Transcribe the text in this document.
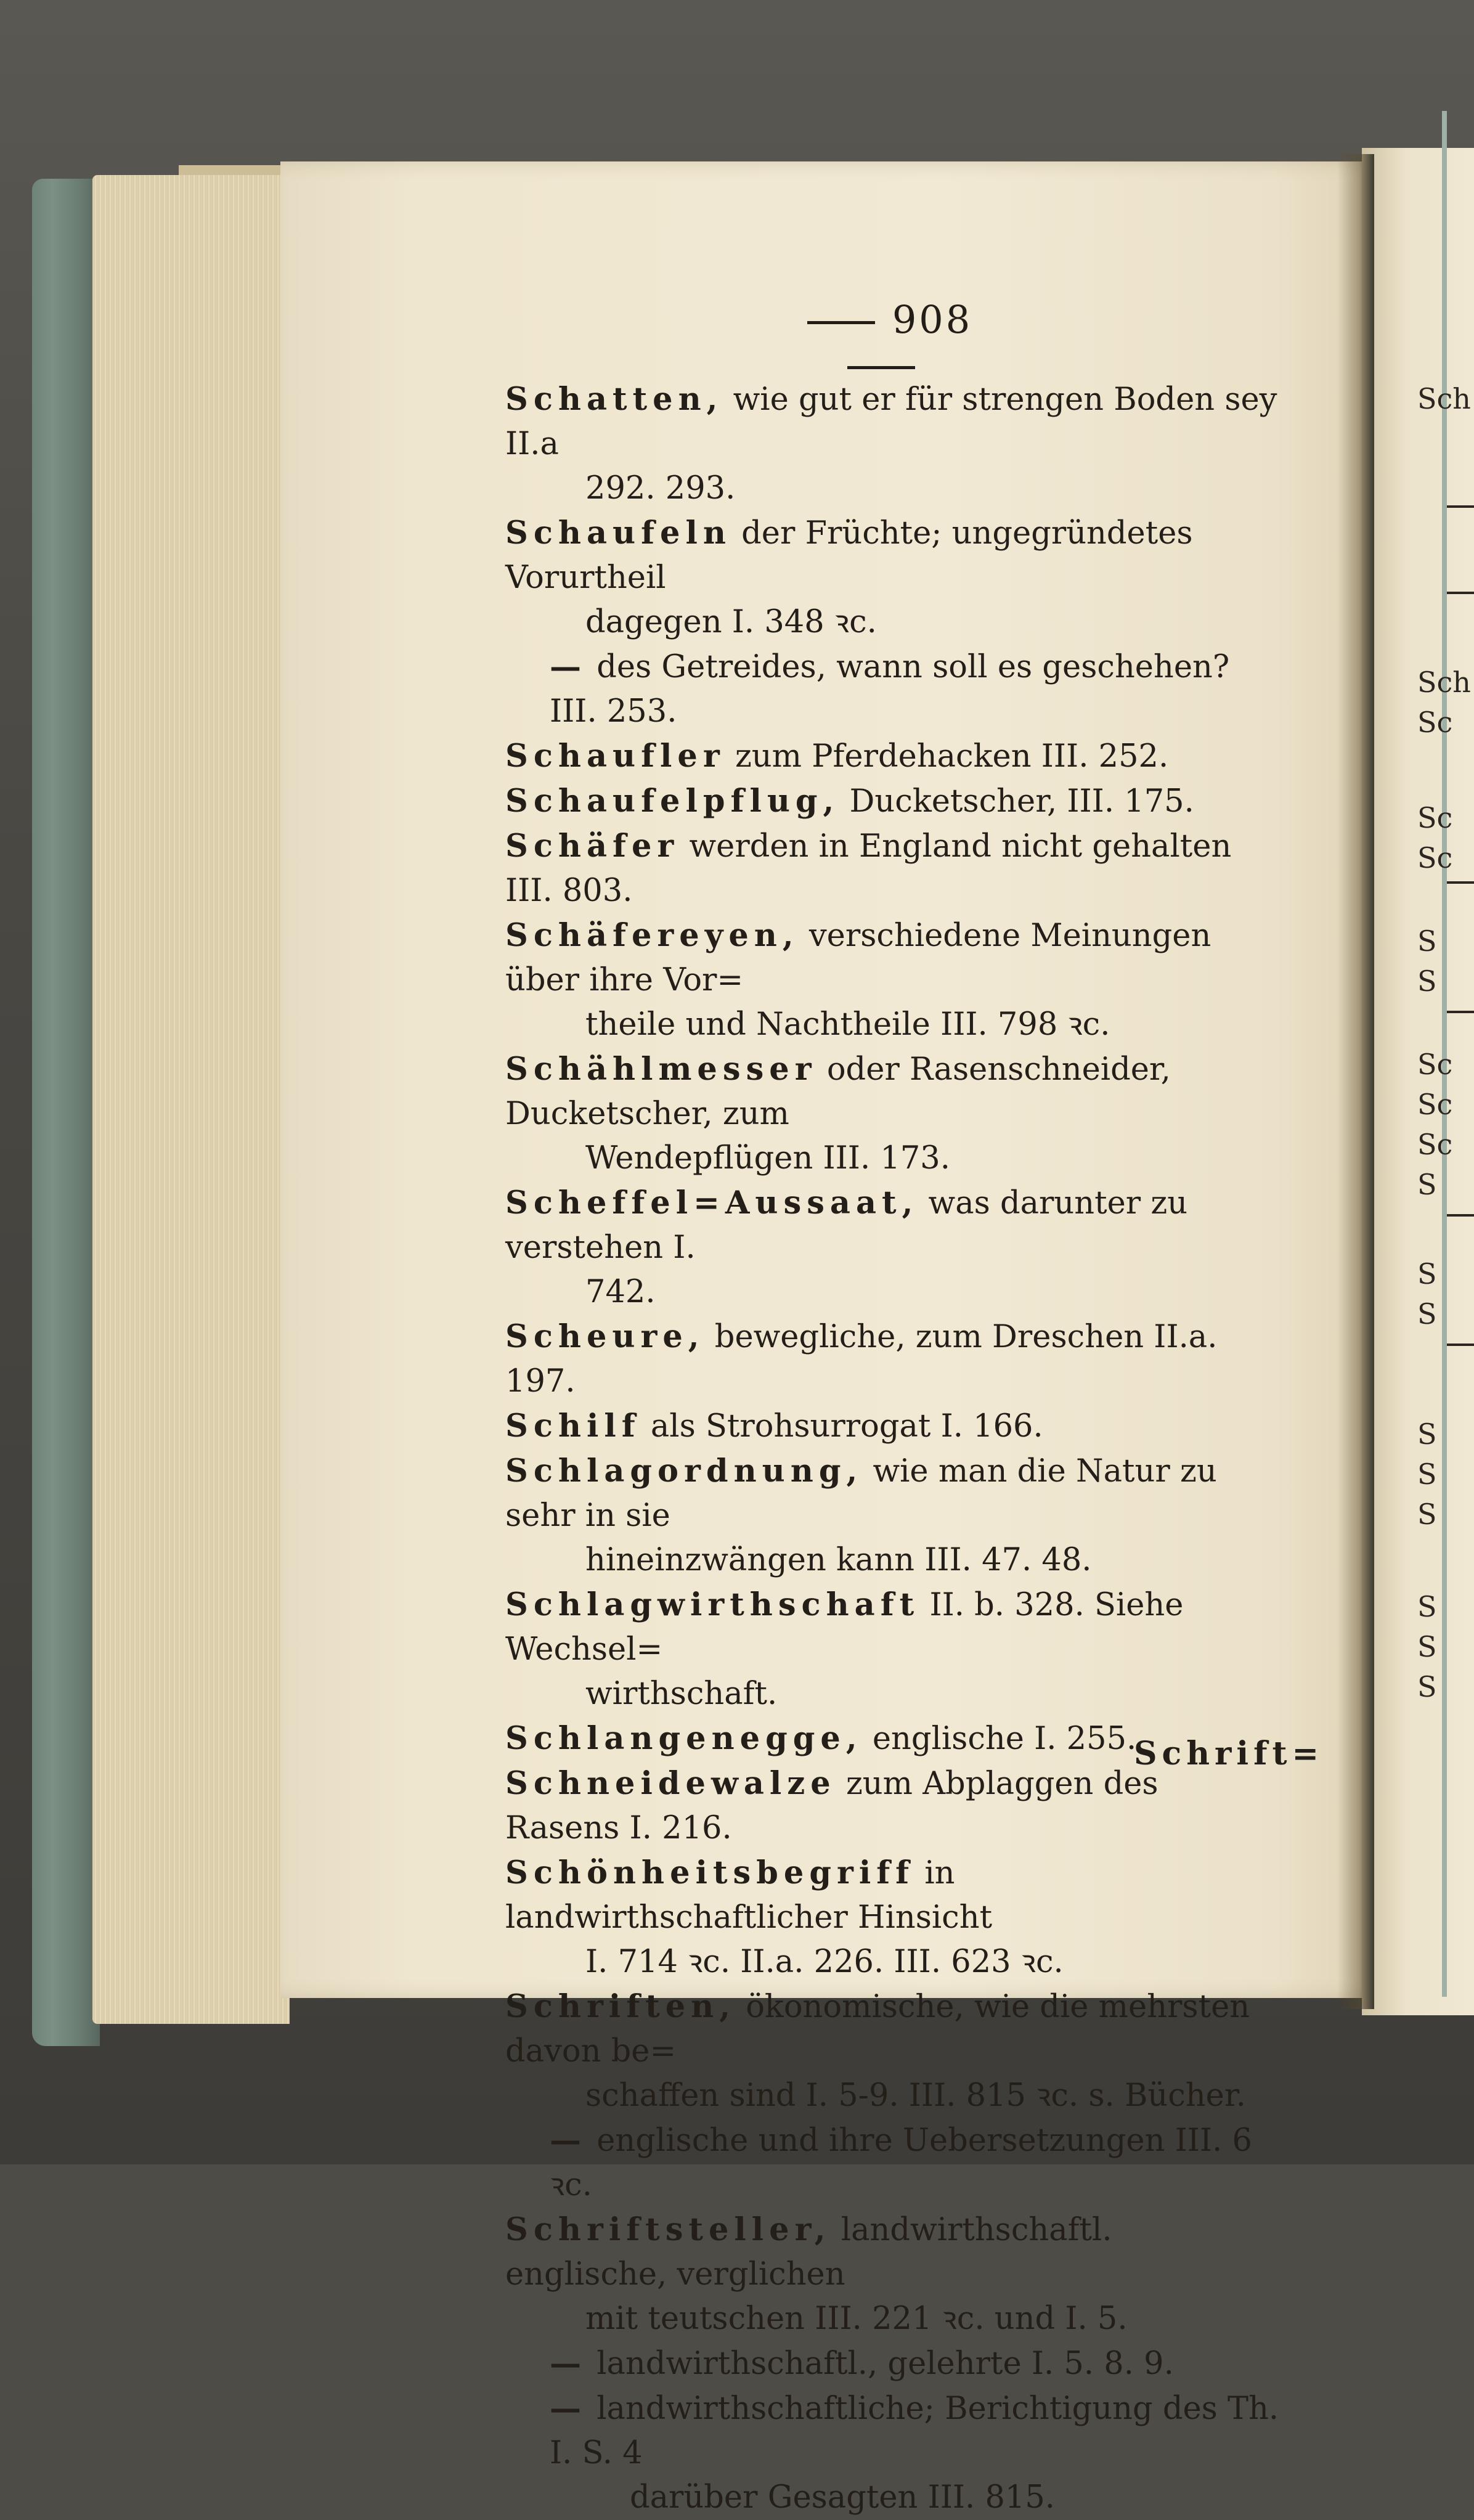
Sch
Sch
Sc
Sc
Sc
S
S
Sc
Sc
Sc
S
S
S
S
S
S
S
S
S
908
Schatten, wie gut er für strengen Boden sey II.a
292. 293.
Schaufeln der Früchte; ungegründetes Vorurtheil
dagegen I. 348 ꝛc.
— des Getreides, wann soll es geschehen? III. 253.
Schaufler zum Pferdehacken III. 252.
Schaufelpflug, Ducketscher, III. 175.
Schäfer werden in England nicht gehalten III. 803.
Schäfereyen, verschiedene Meinungen über ihre Vor=
theile und Nachtheile III. 798 ꝛc.
Schählmesser oder Rasenschneider, Ducketscher, zum
Wendepflügen III. 173.
Scheffel=Aussaat, was darunter zu verstehen I.
742.
Scheure, bewegliche, zum Dreschen II.a. 197.
Schilf als Strohsurrogat I. 166.
Schlagordnung, wie man die Natur zu sehr in sie
hineinzwängen kann III. 47. 48.
Schlagwirthschaft II. b. 328. Siehe Wechsel=
wirthschaft.
Schlangenegge, englische I. 255.
Schneidewalze zum Abplaggen des Rasens I. 216.
Schönheitsbegriff in landwirthschaftlicher Hinsicht
I. 714 ꝛc. II.a. 226. III. 623 ꝛc.
Schriften, ökonomische, wie die mehrsten davon be=
schaffen sind I. 5-9. III. 815 ꝛc. s. Bücher.
— englische und ihre Uebersetzungen III. 6 ꝛc.
Schriftsteller, landwirthschaftl. englische, verglichen
mit teutschen III. 221 ꝛc. und I. 5.
— landwirthschaftl., gelehrte I. 5. 8. 9.
— landwirthschaftliche; Berichtigung des Th. I. S. 4
darüber Gesagten III. 815.
Schrift=
